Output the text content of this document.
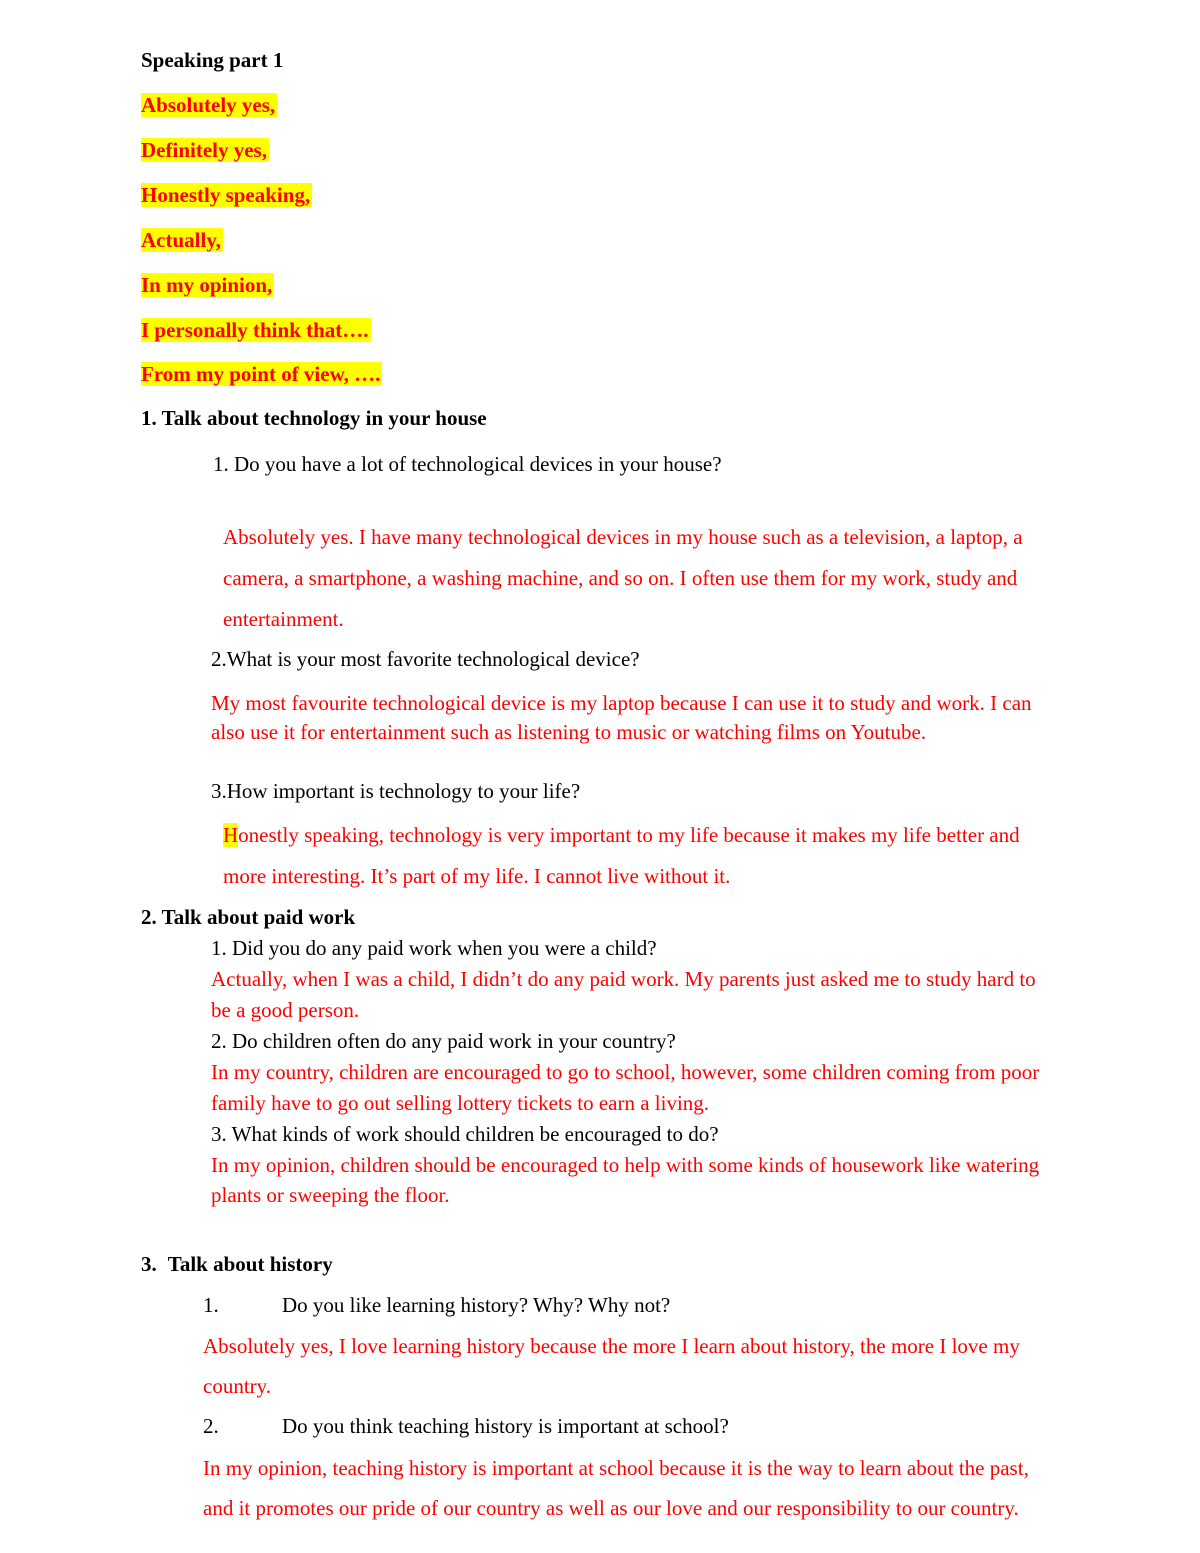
Speaking part 1
Absolutely yes,
Definitely yes,
Honestly speaking,
Actually,
In my opinion,
I personally think that….
From my point of view, ….
1. Talk about technology in your house
1. Do you have a lot of technological devices in your house?
Absolutely yes. I have many technological devices in my house such as a television, a laptop, a
camera, a smartphone, a washing machine, and so on. I often use them for my work, study and
entertainment.
2.What is your most favorite technological device?
My most favourite technological device is my laptop because I can use it to study and work. I can
also use it for entertainment such as listening to music or watching films on Youtube.
3.How important is technology to your life?
Honestly speaking, technology is very important to my life because it makes my life better and
more interesting. It’s part of my life. I cannot live without it.
2. Talk about paid work
1. Did you do any paid work when you were a child?
Actually, when I was a child, I didn’t do any paid work. My parents just asked me to study hard to
be a good person.
2. Do children often do any paid work in your country?
In my country, children are encouraged to go to school, however, some children coming from poor
family have to go out selling lottery tickets to earn a living.
3. What kinds of work should children be encouraged to do?
In my opinion, children should be encouraged to help with some kinds of housework like watering
plants or sweeping the floor.
3. Talk about history
1.	Do you like learning history? Why? Why not?
Absolutely yes, I love learning history because the more I learn about history, the more I love my
country.
2.	Do you think teaching history is important at school?
In my opinion, teaching history is important at school because it is the way to learn about the past,
and it promotes our pride of our country as well as our love and our responsibility to our country.
